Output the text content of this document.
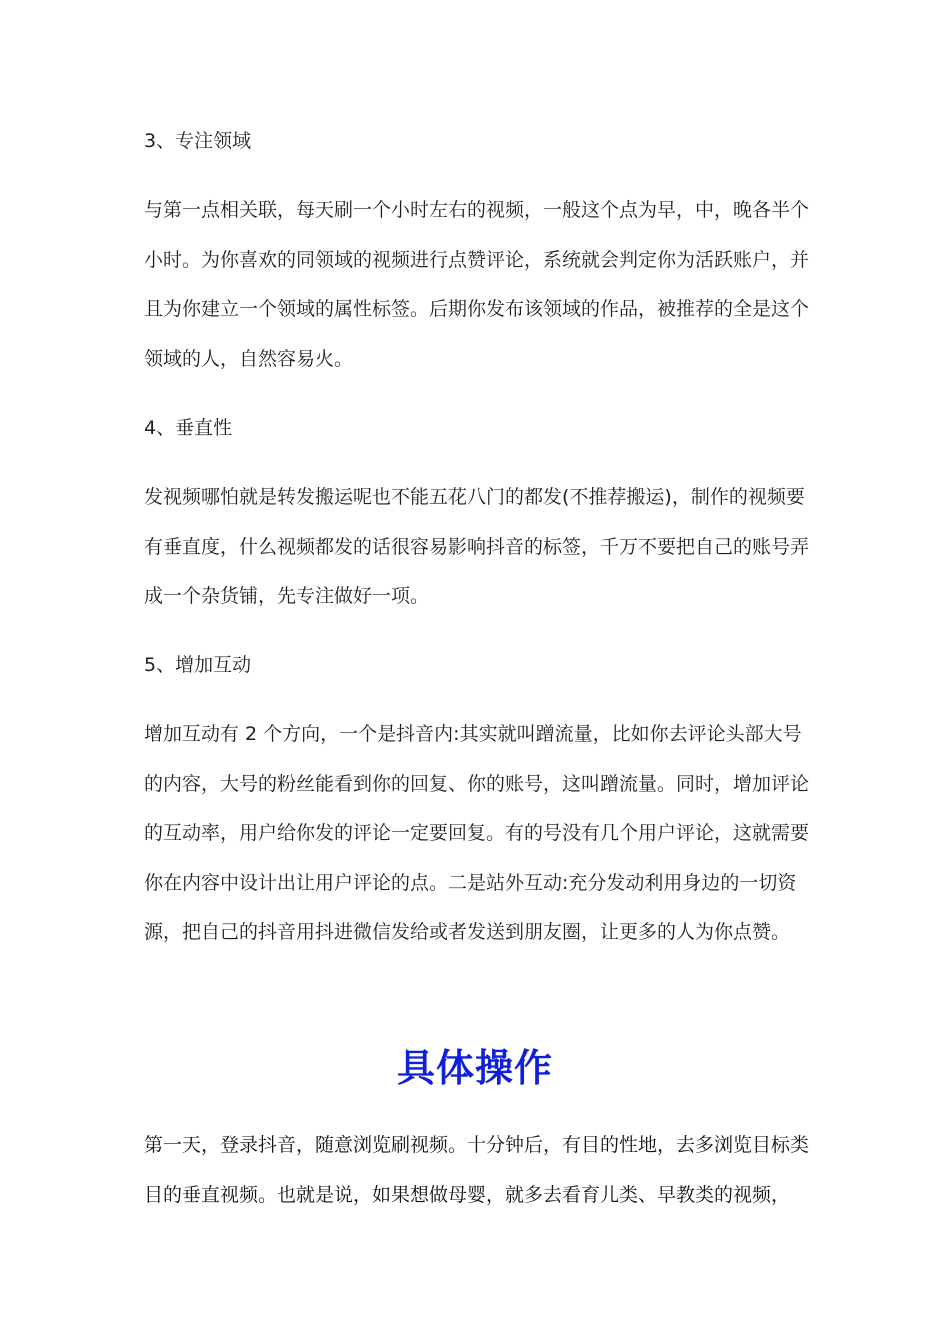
3、专注领域

与第一点相关联，每天刷一个小时左右的视频，一般这个点为早，中，晚各半个小时。为你喜欢的同领域的视频进行点赞评论，系统就会判定你为活跃账户，并且为你建立一个领域的属性标签。后期你发布该领域的作品，被推荐的全是这个领域的人，自然容易火。

4、垂直性

发视频哪怕就是转发搬运呢也不能五花八门的都发(不推荐搬运)，制作的视频要有垂直度，什么视频都发的话很容易影响抖音的标签，千万不要把自己的账号弄成一个杂货铺，先专注做好一项。

5、增加互动

增加互动有 2 个方向，一个是抖音内:其实就叫蹭流量，比如你去评论头部大号的内容，大号的粉丝能看到你的回复、你的账号，这叫蹭流量。同时，增加评论的互动率，用户给你发的评论一定要回复。有的号没有几个用户评论，这就需要你在内容中设计出让用户评论的点。二是站外互动:充分发动利用身边的一切资源，把自己的抖音用抖进微信发给或者发送到朋友圈，让更多的人为你点赞。

具体操作

第一天，登录抖音，随意浏览刷视频。十分钟后，有目的性地，去多浏览目标类目的垂直视频。也就是说，如果想做母婴，就多去看育儿类、早教类的视频，
